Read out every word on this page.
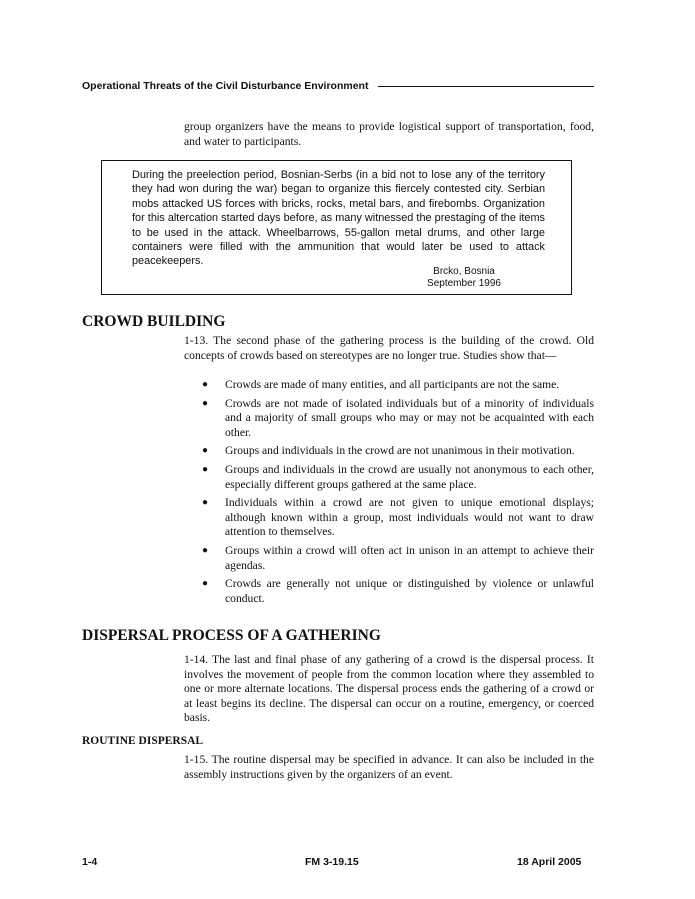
Operational Threats of the Civil Disturbance Environment
group organizers have the means to provide logistical support of transportation, food, and water to participants.
During the preelection period, Bosnian-Serbs (in a bid not to lose any of the territory they had won during the war) began to organize this fiercely contested city. Serbian mobs attacked US forces with bricks, rocks, metal bars, and firebombs. Organization for this altercation started days before, as many witnessed the prestaging of the items to be used in the attack. Wheelbarrows, 55-gallon metal drums, and other large containers were filled with the ammunition that would later be used to attack peacekeepers.
Brcko, Bosnia
September 1996
CROWD BUILDING
1-13. The second phase of the gathering process is the building of the crowd. Old concepts of crowds based on stereotypes are no longer true. Studies show that—
● Crowds are made of many entities, and all participants are not the same.
● Crowds are not made of isolated individuals but of a minority of individuals and a majority of small groups who may or may not be acquainted with each other.
● Groups and individuals in the crowd are not unanimous in their motivation.
● Groups and individuals in the crowd are usually not anonymous to each other, especially different groups gathered at the same place.
● Individuals within a crowd are not given to unique emotional displays; although known within a group, most individuals would not want to draw attention to themselves.
● Groups within a crowd will often act in unison in an attempt to achieve their agendas.
● Crowds are generally not unique or distinguished by violence or unlawful conduct.
DISPERSAL PROCESS OF A GATHERING
1-14. The last and final phase of any gathering of a crowd is the dispersal process. It involves the movement of people from the common location where they assembled to one or more alternate locations. The dispersal process ends the gathering of a crowd or at least begins its decline. The dispersal can occur on a routine, emergency, or coerced basis.
ROUTINE DISPERSAL
1-15. The routine dispersal may be specified in advance. It can also be included in the assembly instructions given by the organizers of an event.
1-4	FM 3-19.15	18 April 2005
